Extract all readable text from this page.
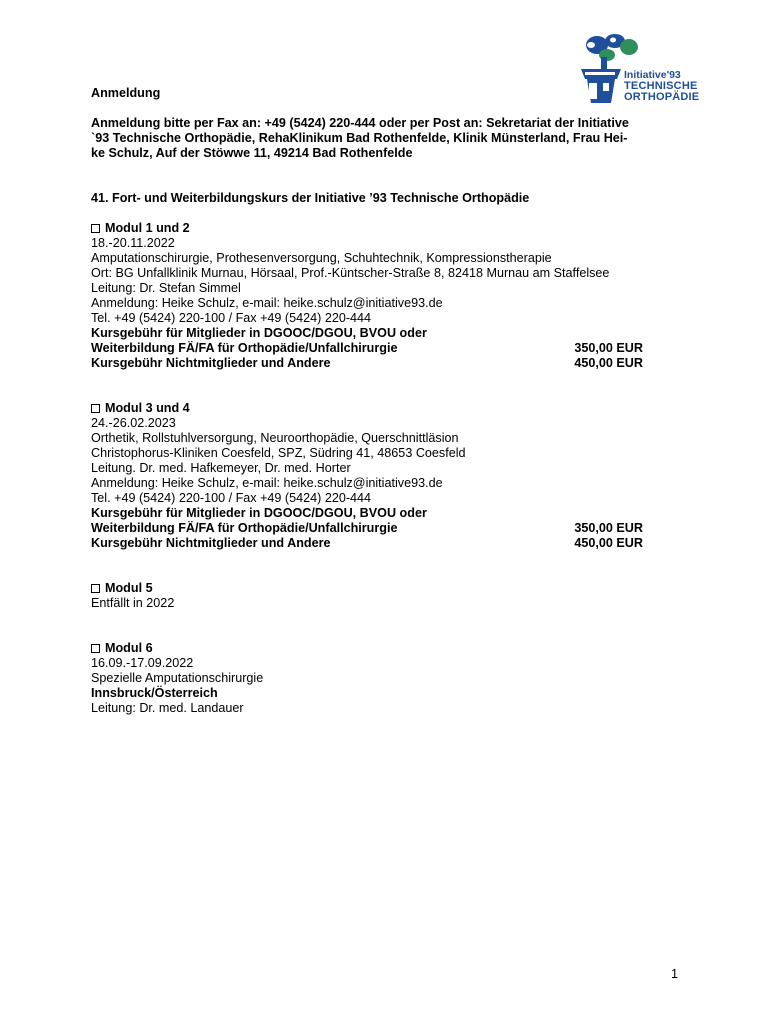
Initiative'93
TECHNISCHE
ORTHOPÄDIE
Anmeldung
Anmeldung bitte per Fax an: +49 (5424) 220-444 oder per Post an: Sekretariat der Initiative
`93 Technische Orthopädie, RehaKlinikum Bad Rothenfelde, Klinik Münsterland, Frau Hei-
ke Schulz, Auf der Stöwwe 11, 49214 Bad Rothenfelde
41. Fort- und Weiterbildungskurs der Initiative ’93 Technische Orthopädie
Modul 1 und 2
18.-20.11.2022
Amputationschirurgie, Prothesenversorgung, Schuhtechnik, Kompressionstherapie
Ort: BG Unfallklinik Murnau, Hörsaal, Prof.-Küntscher-Straße 8, 82418 Murnau am Staffelsee
Leitung: Dr. Stefan Simmel
Anmeldung: Heike Schulz, e-mail: heike.schulz@initiative93.de
Tel. +49 (5424) 220-100 / Fax +49 (5424) 220-444
Kursgebühr für Mitglieder in DGOOC/DGOU, BVOU oder
Weiterbildung FÄ/FA für Orthopädie/Unfallchirurgie	350,00 EUR
Kursgebühr Nichtmitglieder und Andere	450,00 EUR
Modul 3 und 4
24.-26.02.2023
Orthetik, Rollstuhlversorgung, Neuroorthopädie, Querschnittläsion
Christophorus-Kliniken Coesfeld, SPZ, Südring 41, 48653 Coesfeld
Leitung. Dr. med. Hafkemeyer, Dr. med. Horter
Anmeldung: Heike Schulz, e-mail: heike.schulz@initiative93.de
Tel. +49 (5424) 220-100 / Fax +49 (5424) 220-444
Kursgebühr für Mitglieder in DGOOC/DGOU, BVOU oder
Weiterbildung FÄ/FA für Orthopädie/Unfallchirurgie	350,00 EUR
Kursgebühr Nichtmitglieder und Andere	450,00 EUR
Modul 5
Entfällt in 2022
Modul 6
16.09.-17.09.2022
Spezielle Amputationschirurgie
Innsbruck/Österreich
Leitung: Dr. med. Landauer
1
